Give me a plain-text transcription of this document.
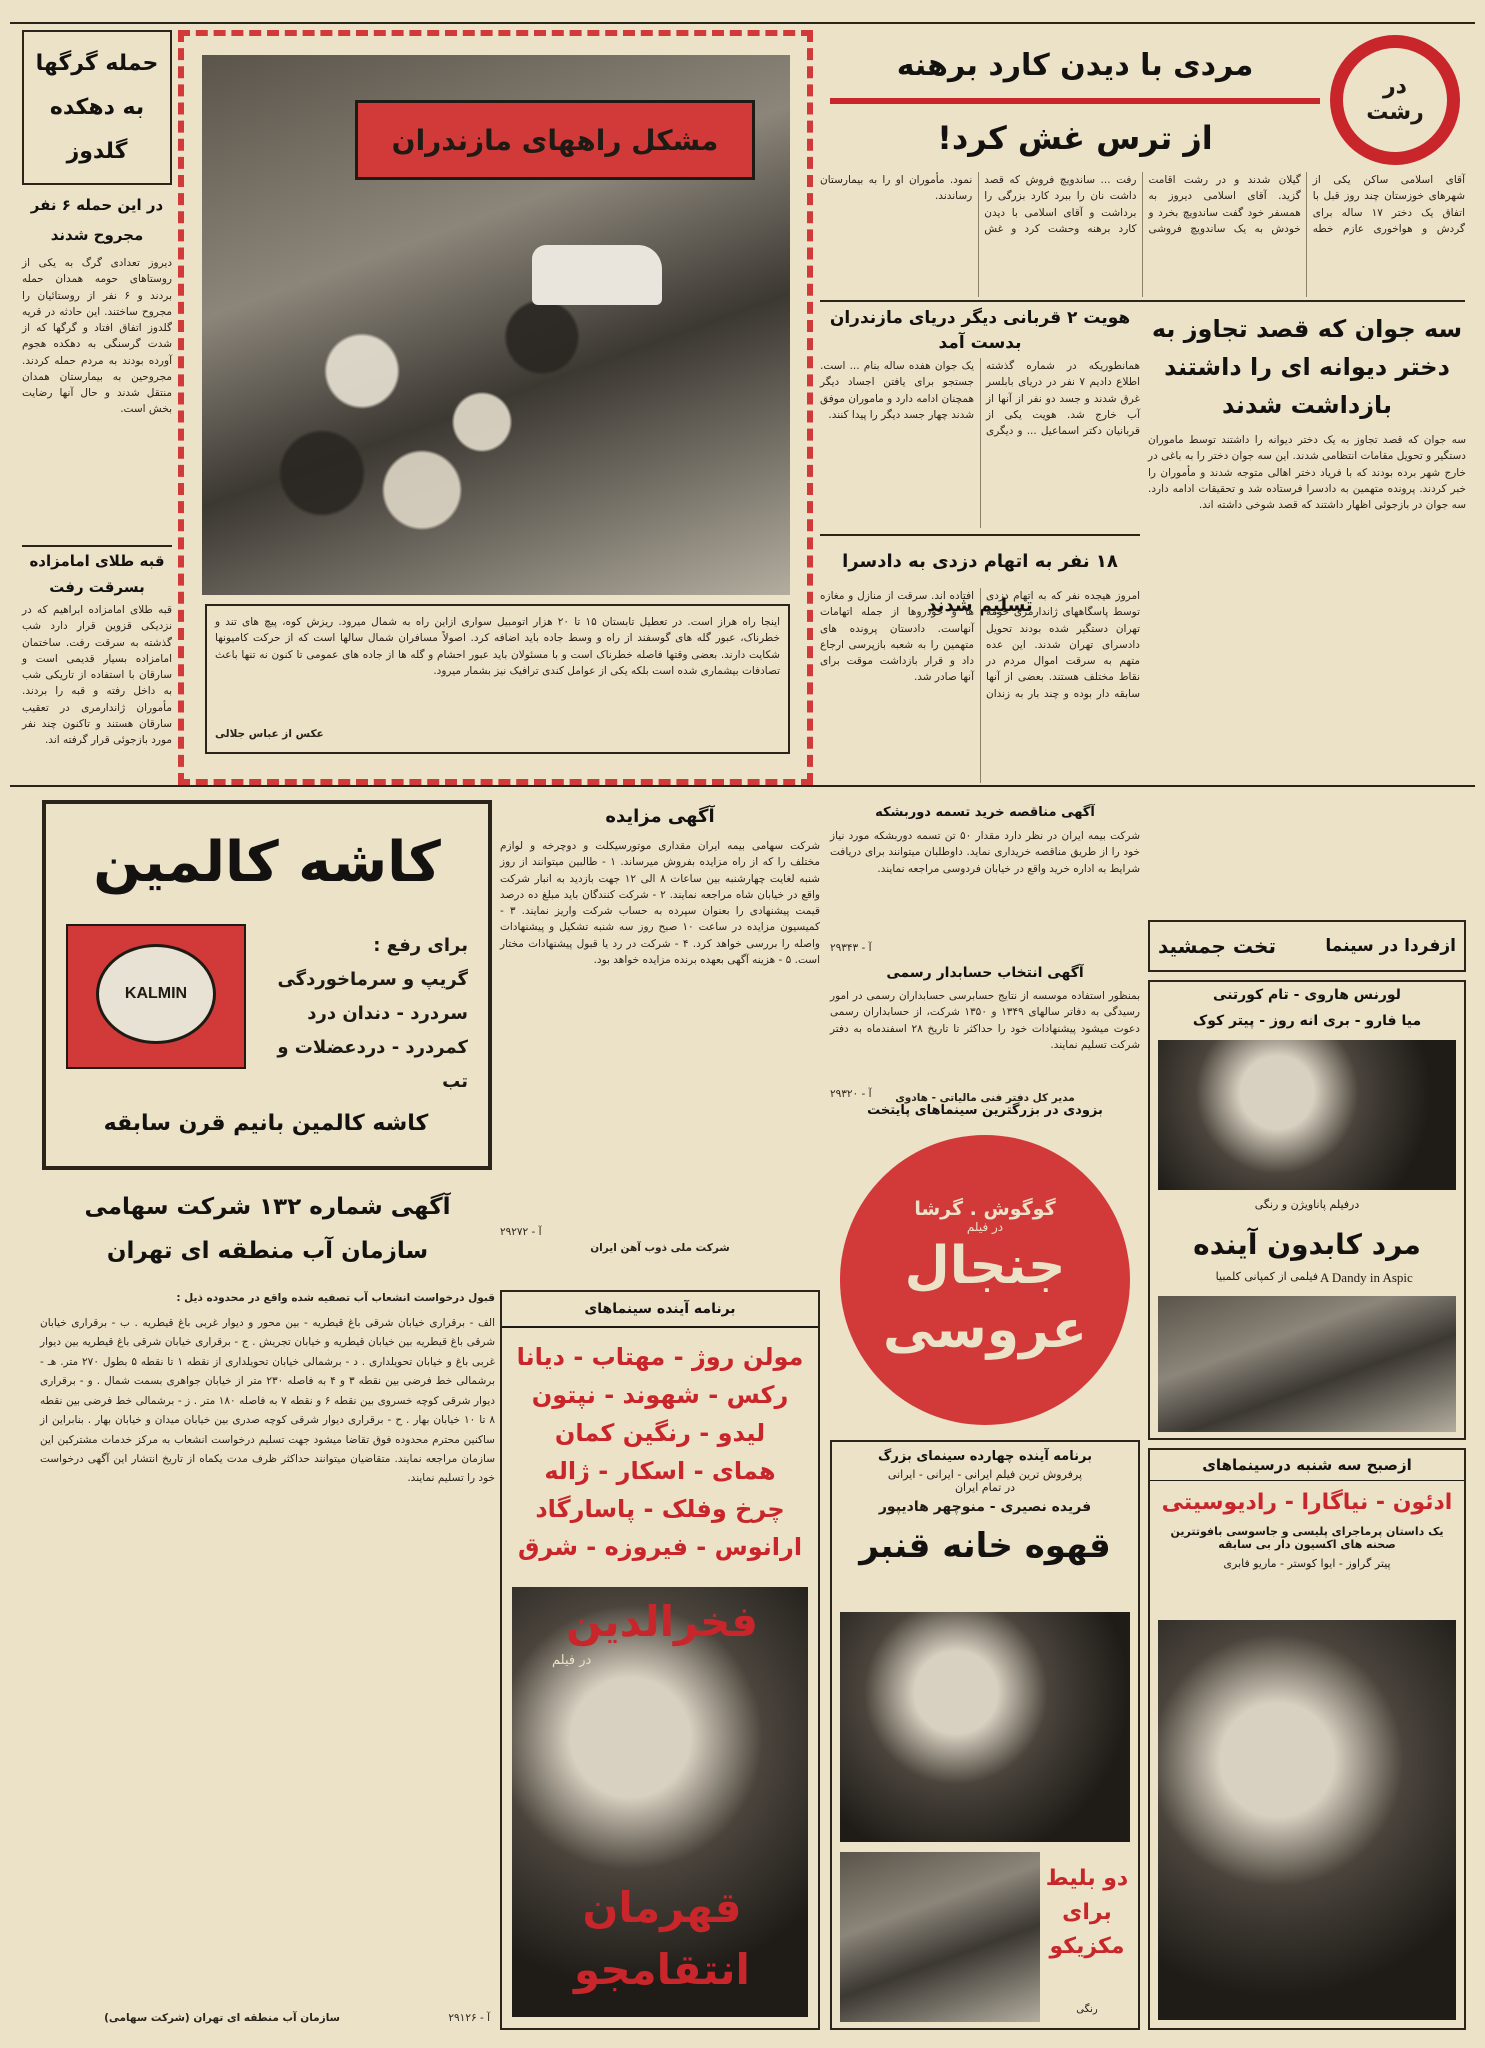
در رشت
مردی با دیدن کارد برهنه
از ترس غش کرد!
آقای اسلامی ساکن یکی از شهرهای خوزستان چند روز قبل با اتفاق یک دختر ۱۷ ساله برای گردش و هواخوری عازم خطه گیلان شدند و در رشت اقامت گزید. آقای اسلامی دیروز به همسفر خود گفت ساندویچ بخرد و خودش به یک ساندویچ فروشی رفت ... ساندویچ فروش که قصد داشت نان را ببرد کارد بزرگی را برداشت و آقای اسلامی با دیدن کارد برهنه وحشت کرد و غش نمود. مأموران او را به بیمارستان رساندند.
هویت ۲ قربانی دیگر دریای مازندران بدست آمد
همانطوریکه در شماره گذشته اطلاع دادیم ۷ نفر در دریای بابلسر غرق شدند و جسد دو نفر از آنها از آب خارج شد. هویت یکی از قربانیان دکتر اسماعیل ... و دیگری یک جوان هفده ساله بنام ... است. جستجو برای یافتن اجساد دیگر همچنان ادامه دارد و ماموران موفق شدند چهار جسد دیگر را پیدا کنند.
سه جوان که قصد تجاوز به دختر دیوانه ای را داشتند بازداشت شدند
سه جوان که قصد تجاوز به یک دختر دیوانه را داشتند توسط ماموران دستگیر و تحویل مقامات انتظامی شدند. این سه جوان دختر را به باغی در خارج شهر برده بودند که با فریاد دختر اهالی متوجه شدند و مأموران را خبر کردند. پرونده متهمین به دادسرا فرستاده شد و تحقیقات ادامه دارد. سه جوان در بازجوئی اظهار داشتند که قصد شوخی داشته اند.
۱۸ نفر به اتهام دزدی به دادسرا تسلیم شدند
امروز هیجده نفر که به اتهام دزدی توسط پاسگاههای ژاندارمری حومه تهران دستگیر شده بودند تحویل دادسرای تهران شدند. این عده متهم به سرقت اموال مردم در نقاط مختلف هستند. بعضی از آنها سابقه دار بوده و چند بار به زندان افتاده اند. سرقت از منازل و مغازه ها و خودروها از جمله اتهامات آنهاست. دادستان پرونده های متهمین را به شعبه بازپرسی ارجاع داد و قرار بازداشت موقت برای آنها صادر شد.
مشکل راههای مازندران
اینجا راه هراز است. در تعطیل تابستان ۱۵ تا ۲۰ هزار اتومبیل سواری ازاین راه به شمال میرود. ریزش کوه، پیچ های تند و خطرناک، عبور گله های گوسفند از راه و وسط جاده باید اضافه کرد. اصولاً مسافران شمال سالها است که از حرکت کامیونها شکایت دارند. بعضی وقتها فاصله خطرناک است و با مسئولان باید عبور احشام و گله ها از جاده های عمومی تا کنون نه تنها باعث تصادفات بیشماری شده است بلکه یکی از عوامل کندی ترافیک نیز بشمار میرود.
عکس از عباس جلالی
حمله گرگها به دهکده گلدوز
در این حمله ۶ نفر مجروح شدند
دیروز تعدادی گرگ به یکی از روستاهای حومه همدان حمله بردند و ۶ نفر از روستائیان را مجروح ساختند. این حادثه در قریه گلدوز اتفاق افتاد و گرگها که از شدت گرسنگی به دهکده هجوم آورده بودند به مردم حمله کردند. مجروحین به بیمارستان همدان منتقل شدند و حال آنها رضایت بخش است.
قبه طلای امامزاده بسرقت رفت
قبه طلای امامزاده ابراهیم که در نزدیکی قزوین قرار دارد شب گذشته به سرقت رفت. ساختمان امامزاده بسیار قدیمی است و سارقان با استفاده از تاریکی شب به داخل رفته و قبه را بردند. مأموران ژاندارمری در تعقیب سارقان هستند و تاکنون چند نفر مورد بازجوئی قرار گرفته اند.
کاشه کالمین
KALMIN
برای رفع :
گریپ و سرماخوردگی
سردرد - دندان درد
کمردرد - دردعضلات و تب
کاشه کالمین بانیم قرن سابقه
آگهی شماره ۱۳۲ شرکت سهامی سازمان آب منطقه ای تهران
قبول درخواست انشعاب آب تصفیه شده واقع در محدوده ذیل :
الف - برقراری خیابان شرقی باغ قیطریه - بین محور و دیوار غربی باغ قیطریه . ب - برقراری خیابان شرقی باغ قیطریه بین خیابان قیطریه و خیابان تجریش . ج - برقراری خیابان شرقی باغ قیطریه بین دیوار غربی باغ و خیابان تحویلداری . د - برشمالی خیابان تحویلداری از نقطه ۱ تا نقطه ۵ بطول ۲۷۰ متر. هـ - برشمالی خط فرضی بین نقطه ۳ و ۴ به فاصله ۲۳۰ متر از خیابان جواهری بسمت شمال . و - برقراری دیوار شرقی کوچه خسروی بین نقطه ۶ و نقطه ۷ به فاصله ۱۸۰ متر . ز - برشمالی خط فرضی بین نقطه ۸ تا ۱۰ خیابان بهار . ح - برقراری دیوار شرقی کوچه صدری بین خیابان میدان و خیابان بهار . بنابراین از ساکنین محترم محدوده فوق تقاضا میشود جهت تسلیم درخواست انشعاب به مرکز خدمات مشترکین این سازمان مراجعه نمایند. متقاضیان میتوانند حداکثر ظرف مدت یکماه از تاریخ انتشار این آگهی درخواست خود را تسلیم نمایند.
سازمان آب منطقه ای تهران (شرکت سهامی)	آ - ۲۹۱۲۶
آگهی مزایده
شرکت سهامی بیمه ایران مقداری موتورسیکلت و دوچرخه و لوازم مختلف را که از راه مزایده بفروش میرساند. ۱ - طالبین میتوانند از روز شنبه لغایت چهارشنبه بین ساعات ۸ الی ۱۲ جهت بازدید به انبار شرکت واقع در خیابان شاه مراجعه نمایند. ۲ - شرکت کنندگان باید مبلغ ده درصد قیمت پیشنهادی را بعنوان سپرده به حساب شرکت واریز نمایند. ۳ - کمیسیون مزایده در ساعت ۱۰ صبح روز سه شنبه تشکیل و پیشنهادات واصله را بررسی خواهد کرد. ۴ - شرکت در رد یا قبول پیشنهادات مختار است. ۵ - هزینه آگهی بعهده برنده مزایده خواهد بود.
شرکت ملی ذوب آهن ایران
آ - ۲۹۲۷۲
آگهی مناقصه خرید تسمه دوربشکه
شرکت بیمه ایران در نظر دارد مقدار ۵۰ تن تسمه دوربشکه مورد نیاز خود را از طریق مناقصه خریداری نماید. داوطلبان میتوانند برای دریافت شرایط به اداره خرید واقع در خیابان فردوسی مراجعه نمایند.
آ - ۲۹۳۴۳
آگهی انتخاب حسابدار رسمی
بمنظور استفاده موسسه از نتایج حسابرسی حسابداران رسمی در امور رسیدگی به دفاتر سالهای ۱۳۴۹ و ۱۳۵۰ شرکت، از حسابداران رسمی دعوت میشود پیشنهادات خود را حداکثر تا تاریخ ۲۸ اسفندماه به دفتر شرکت تسلیم نمایند.
مدیر کل دفتر فنی مالیاتی - هادوی
آ - ۲۹۳۲۰
بزودی در بزرگترین سینماهای پایتخت
گوگوش . گرشا
در فیلم
جنجال
عروسی
برنامه آینده سینماهای
مولن روژ - مهتاب - دیانا
رکس - شهوند - نپتون
لیدو - رنگین کمان
همای - اسکار - ژاله
چرخ وفلک - پاسارگاد
ارانوس - فیروزه - شرق
فخرالدین
در فیلم
قهرمان انتقامجو
برنامه آینده چهارده سینمای بزرگ
پرفروش ترین فیلم ایرانی - ایرانی - ایرانی
در تمام ایران
فریده نصیری - منوچهر هادیپور
قهوه خانه قنبر
دو بلیط برای مکزیکو
رنگی
ازفردا در سینما
تخت جمشید
لورنس هاروی - تام کورتنی
میا فارو - بری انه روز - پیتر کوک
درفیلم پاناویژن و رنگی
مرد کابدون آینده
A Dandy in Aspic
فیلمی از کمپانی کلمبیا
ازصبح سه شنبه درسینماهای
ادئون - نیاگارا - رادیوسیتی
یک داستان پرماجرای پلیسی و جاسوسی بافوتترین
صحنه های اکسیون دار بی سابقه
پیتر گراوز - ایوا کوستر - ماریو فابری
